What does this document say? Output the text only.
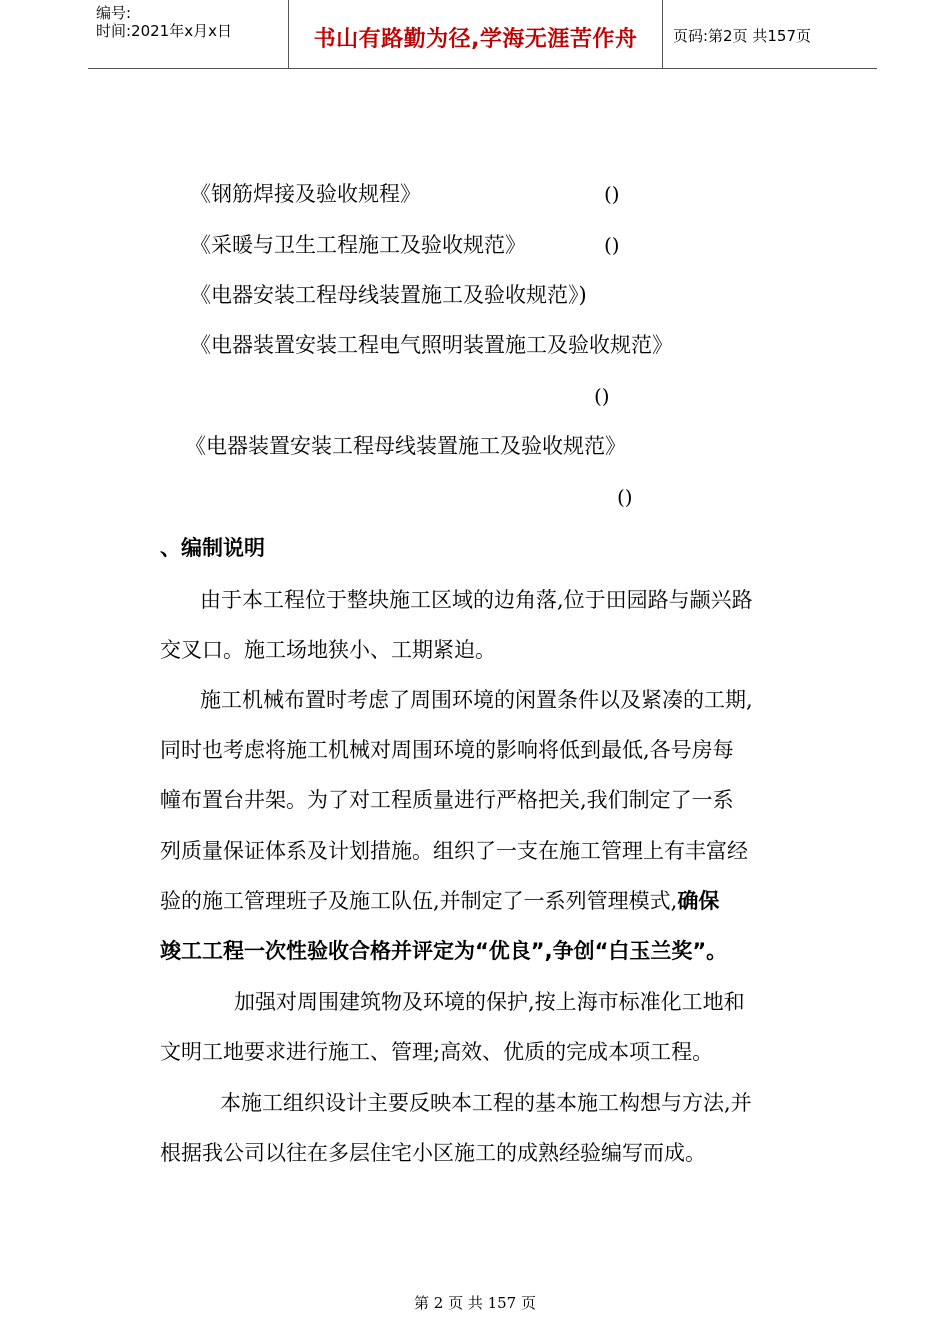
编号:
时间:2021年x月x日	书山有路勤为径,学海无涯苦作舟	页码:第2页 共157页
《钢筋焊接及验收规程》	()
《采暖与卫生工程施工及验收规范》	()
《电器安装工程母线装置施工及验收规范》)
《电器装置安装工程电气照明装置施工及验收规范》
()
《电器装置安装工程母线装置施工及验收规范》
()
、编制说明
由于本工程位于整块施工区域的边角落,位于田园路与颛兴路
交叉口。施工场地狭小、工期紧迫。
施工机械布置时考虑了周围环境的闲置条件以及紧凑的工期,
同时也考虑将施工机械对周围环境的影响将低到最低,各号房每
幢布置台井架。为了对工程质量进行严格把关,我们制定了一系
列质量保证体系及计划措施。组织了一支在施工管理上有丰富经
验的施工管理班子及施工队伍,并制定了一系列管理模式,确保
竣工工程一次性验收合格并评定为“优良”,争创“白玉兰奖”。
加强对周围建筑物及环境的保护,按上海市标准化工地和
文明工地要求进行施工、管理;高效、优质的完成本项工程。
本施工组织设计主要反映本工程的基本施工构想与方法,并
根据我公司以往在多层住宅小区施工的成熟经验编写而成。
第 2 页 共 157 页
